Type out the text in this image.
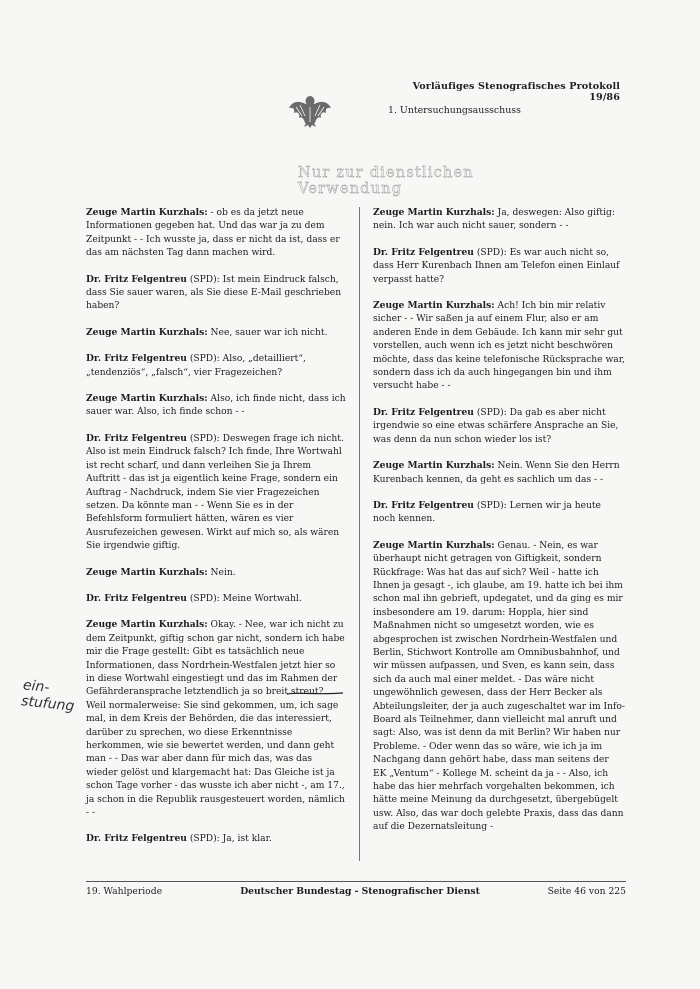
Vorläufiges Stenografisches Protokoll 19/86
1. Untersuchungsausschuss
Nur zur dienstlichen Verwendung

Zeuge Martin Kurzhals: - ob es da jetzt neue Informationen gegeben hat. Und das war ja zu dem Zeitpunkt - - Ich wusste ja, dass er nicht da ist, dass er das am nächsten Tag dann machen wird.

Dr. Fritz Felgentreu (SPD): Ist mein Eindruck falsch, dass Sie sauer waren, als Sie diese E-Mail geschrieben haben?

Zeuge Martin Kurzhals: Nee, sauer war ich nicht.

Dr. Fritz Felgentreu (SPD): Also, „detailliert“, „tendenziös“, „falsch“, vier Fragezeichen?

Zeuge Martin Kurzhals: Also, ich finde nicht, dass ich sauer war. Also, ich finde schon - -

Dr. Fritz Felgentreu (SPD): Deswegen frage ich nicht. Also ist mein Eindruck falsch? Ich finde, Ihre Wortwahl ist recht scharf, und dann verleihen Sie ja Ihrem Auftritt - das ist ja eigentlich keine Frage, sondern ein Auftrag - Nachdruck, indem Sie vier Fragezeichen setzen. Da könnte man - - Wenn Sie es in der Befehlsform formuliert hätten, wären es vier Ausrufezeichen gewesen. Wirkt auf mich so, als wären Sie irgendwie giftig.

Zeuge Martin Kurzhals: Nein.

Dr. Fritz Felgentreu (SPD): Meine Wortwahl.

Zeuge Martin Kurzhals: Okay. - Nee, war ich nicht zu dem Zeitpunkt, giftig schon gar nicht, sondern ich habe mir die Frage gestellt: Gibt es tatsächlich neue Informationen, dass Nordrhein-Westfalen jetzt hier so in diese Wortwahl eingestiegt und das im Rahmen der Gefährderansprache letztendlich ja so breit streut? Weil normalerweise: Sie sind gekommen, um, ich sage mal, in dem Kreis der Behörden, die das interessiert, darüber zu sprechen, wo diese Erkenntnisse herkommen, wie sie bewertet werden, und dann geht man - - Das war aber dann für mich das, was das wieder gelöst und klargemacht hat: Das Gleiche ist ja schon Tage vorher - das wusste ich aber nicht -, am 17., ja schon in die Republik rausgesteuert worden, nämlich - -

Dr. Fritz Felgentreu (SPD): Ja, ist klar.

Zeuge Martin Kurzhals: Ja, deswegen: Also giftig: nein. Ich war auch nicht sauer, sondern - -

Dr. Fritz Felgentreu (SPD): Es war auch nicht so, dass Herr Kurenbach Ihnen am Telefon einen Einlauf verpasst hatte?

Zeuge Martin Kurzhals: Ach! Ich bin mir relativ sicher - - Wir saßen ja auf einem Flur, also er am anderen Ende in dem Gebäude. Ich kann mir sehr gut vorstellen, auch wenn ich es jetzt nicht beschwören möchte, dass das keine telefonische Rücksprache war, sondern dass ich da auch hingegangen bin und ihm versucht habe - -

Dr. Fritz Felgentreu (SPD): Da gab es aber nicht irgendwie so eine etwas schärfere Ansprache an Sie, was denn da nun schon wieder los ist?

Zeuge Martin Kurzhals: Nein. Wenn Sie den Herrn Kurenbach kennen, da geht es sachlich um das - -

Dr. Fritz Felgentreu (SPD): Lernen wir ja heute noch kennen.

Zeuge Martin Kurzhals: Genau. - Nein, es war überhaupt nicht getragen von Giftigkeit, sondern Rückfrage: Was hat das auf sich? Weil - hatte ich Ihnen ja gesagt -, ich glaube, am 19. hatte ich bei ihm schon mal ihn gebrieft, updegatet, und da ging es mir insbesondere am 19. darum: Hoppla, hier sind Maßnahmen nicht so umgesetzt worden, wie es abgesprochen ist zwischen Nordrhein-Westfalen und Berlin, Stichwort Kontrolle am Omnibusbahnhof, und wir müssen aufpassen, und Sven, es kann sein, dass sich da auch mal einer meldet. - Das wäre nicht ungewöhnlich gewesen, dass der Herr Becker als Abteilungsleiter, der ja auch zugeschaltet war im Info-Board als Teilnehmer, dann vielleicht mal anruft und sagt: Also, was ist denn da mit Berlin? Wir haben nur Probleme. - Oder wenn das so wäre, wie ich ja im Nachgang dann gehört habe, dass man seitens der EK „Ventum“ - Kollege M. scheint da ja - - Also, ich habe das hier mehrfach vorgehalten bekommen, ich hätte meine Meinung da durchgesetzt, übergebügelt usw. Also, das war doch gelebte Praxis, dass das dann auf die Dezernatsleitung -

ein-
stufung
19. Wahlperiode	Deutscher Bundestag - Stenografischer Dienst	Seite 46 von 225
